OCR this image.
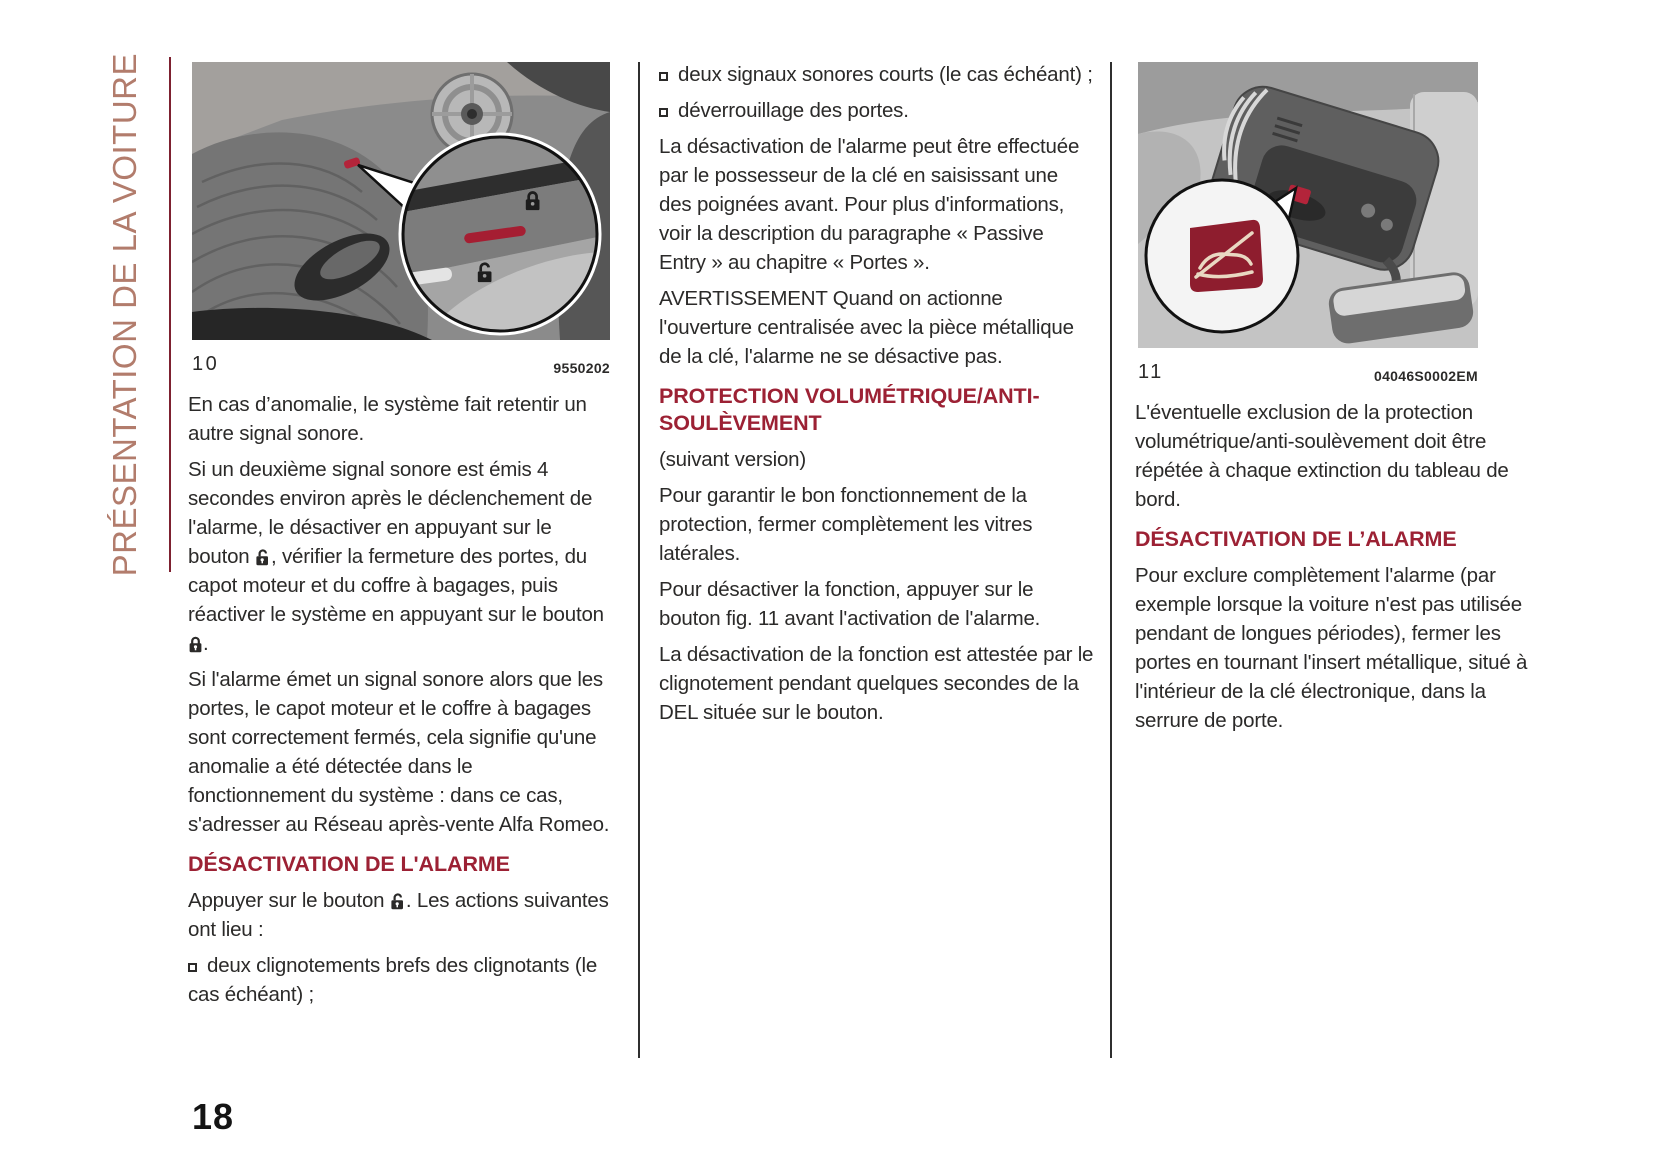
PRÉSENTATION DE LA VOITURE 10	9550202

En cas d’anomalie, le système fait retentir un autre signal sonore.

Si un deuxième signal sonore est émis 4 secondes environ après le déclenchement de l'alarme, le désactiver en appuyant sur le bouton , vérifier la fermeture des portes, du capot moteur et du coffre à bagages, puis réactiver le système en appuyant sur le bouton .

Si l'alarme émet un signal sonore alors que les portes, le capot moteur et le coffre à bagages sont correctement fermés, cela signifie qu'une anomalie a été détectée dans le fonctionnement du système : dans ce cas, s'adresser au Réseau après-vente Alfa Romeo.

DÉSACTIVATION DE L'ALARME

Appuyer sur le bouton . Les actions suivantes ont lieu :

deux clignotements brefs des clignotants (le cas échéant) ;

deux signaux sonores courts (le cas échéant) ;

déverrouillage des portes.

La désactivation de l'alarme peut être effectuée par le possesseur de la clé en saisissant une des poignées avant. Pour plus d'informations, voir la description du paragraphe « Passive Entry » au chapitre « Portes ».

AVERTISSEMENT Quand on actionne l'ouverture centralisée avec la pièce métallique de la clé, l'alarme ne se désactive pas.

PROTECTION VOLUMÉTRIQUE/ANTI-SOULÈVEMENT

(suivant version)

Pour garantir le bon fonctionnement de la protection, fermer complètement les vitres latérales.

Pour désactiver la fonction, appuyer sur le bouton fig. 11 avant l'activation de l'alarme.

La désactivation de la fonction est attestée par le clignotement pendant quelques secondes de la DEL située sur le bouton.

11	04046S0002EM

L'éventuelle exclusion de la protection volumétrique/anti-soulèvement doit être répétée à chaque extinction du tableau de bord.

DÉSACTIVATION DE L’ALARME

Pour exclure complètement l'alarme (par exemple lorsque la voiture n'est pas utilisée pendant de longues périodes), fermer les portes en tournant l'insert métallique, situé à l'intérieur de la clé électronique, dans la serrure de porte.

18
